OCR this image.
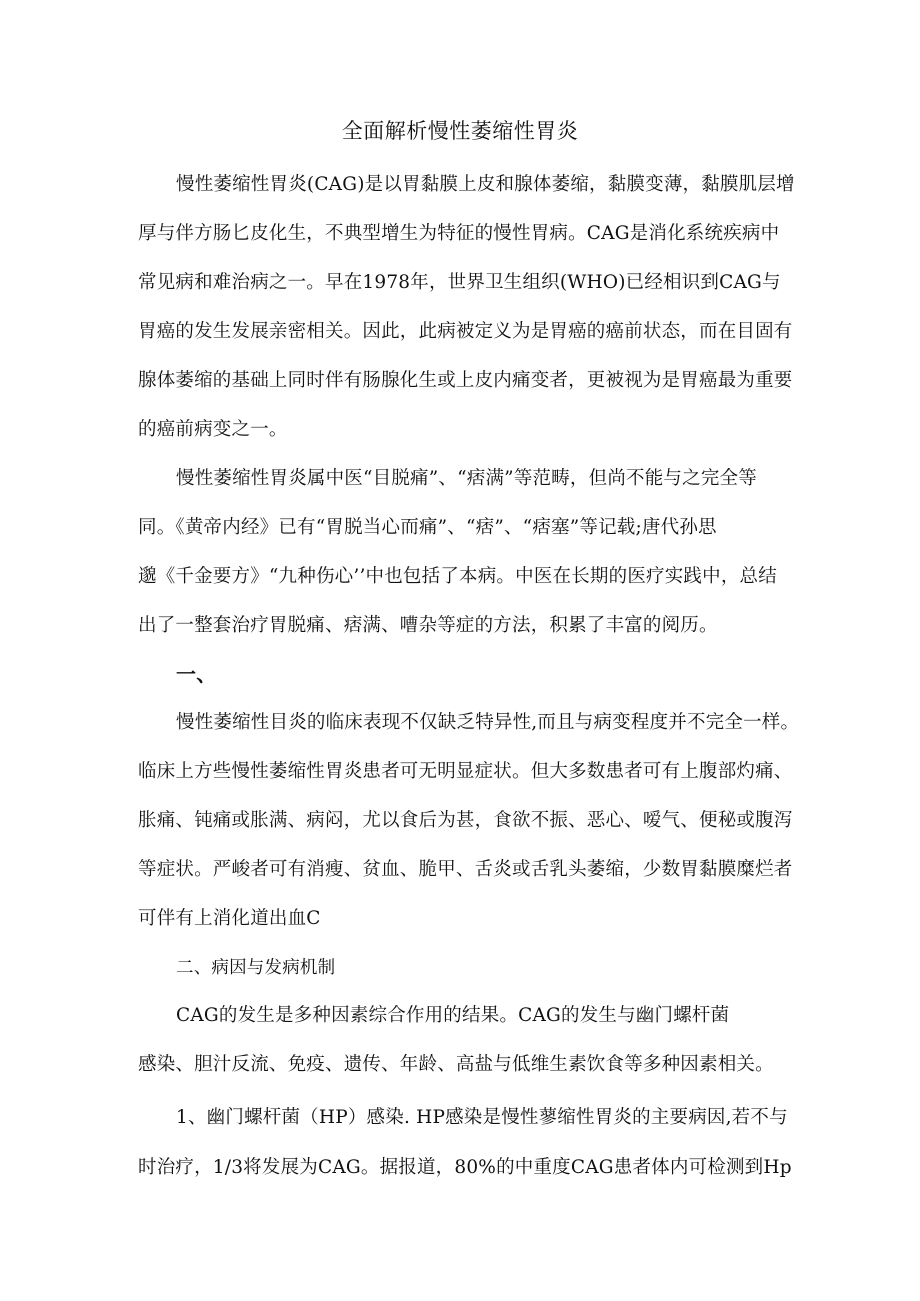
全面解析慢性萎缩性胃炎

慢性萎缩性胃炎(CAG)是以胃黏膜上皮和腺体萎缩，黏膜变薄，黏膜肌层增

厚与伴方肠匕皮化生，不典型增生为特征的慢性胃病。CAG是消化系统疾病中

常见病和难治病之一。早在1978年，世界卫生组织(WHO)已经相识到CAG与

胃癌的发生发展亲密相关。因此，此病被定义为是胃癌的癌前状态，而在目固有

腺体萎缩的基础上同时伴有肠腺化生或上皮内痛变者，更被视为是胃癌最为重要

的癌前病变之一。

慢性萎缩性胃炎属中医“目脱痛”、“痞满”等范畴，但尚不能与之完全等

同。《黄帝内经》已有“胃脱当心而痛”、“痞”、“痞塞”等记载;唐代孙思

邈《千金要方》“九种伤心’’中也包括了本病。中医在长期的医疗实践中，总结

出了一整套治疗胃脱痛、痞满、嘈杂等症的方法，积累了丰富的阅历。

一、

慢性萎缩性目炎的临床表现不仅缺乏特异性,而且与病变程度并不完全一样。

临床上方些慢性萎缩性胃炎患者可无明显症状。但大多数患者可有上腹部灼痛、

胀痛、钝痛或胀满、病闷，尤以食后为甚，食欲不振、恶心、嗳气、便秘或腹泻

等症状。严峻者可有消瘦、贫血、脆甲、舌炎或舌乳头萎缩，少数胃黏膜糜烂者

可伴有上消化道出血C

二、病因与发病机制

CAG的发生是多种因素综合作用的结果。CAG的发生与幽门螺杆菌

感染、胆汁反流、免疫、遗传、年龄、高盐与低维生素饮食等多种因素相关。

1、幽门螺杆菌（HP）感染. HP感染是慢性蓼缩性胃炎的主要病因,若不与

时治疗，1/3将发展为CAG。据报道，80%的中重度CAG患者体内可检测到Hp
